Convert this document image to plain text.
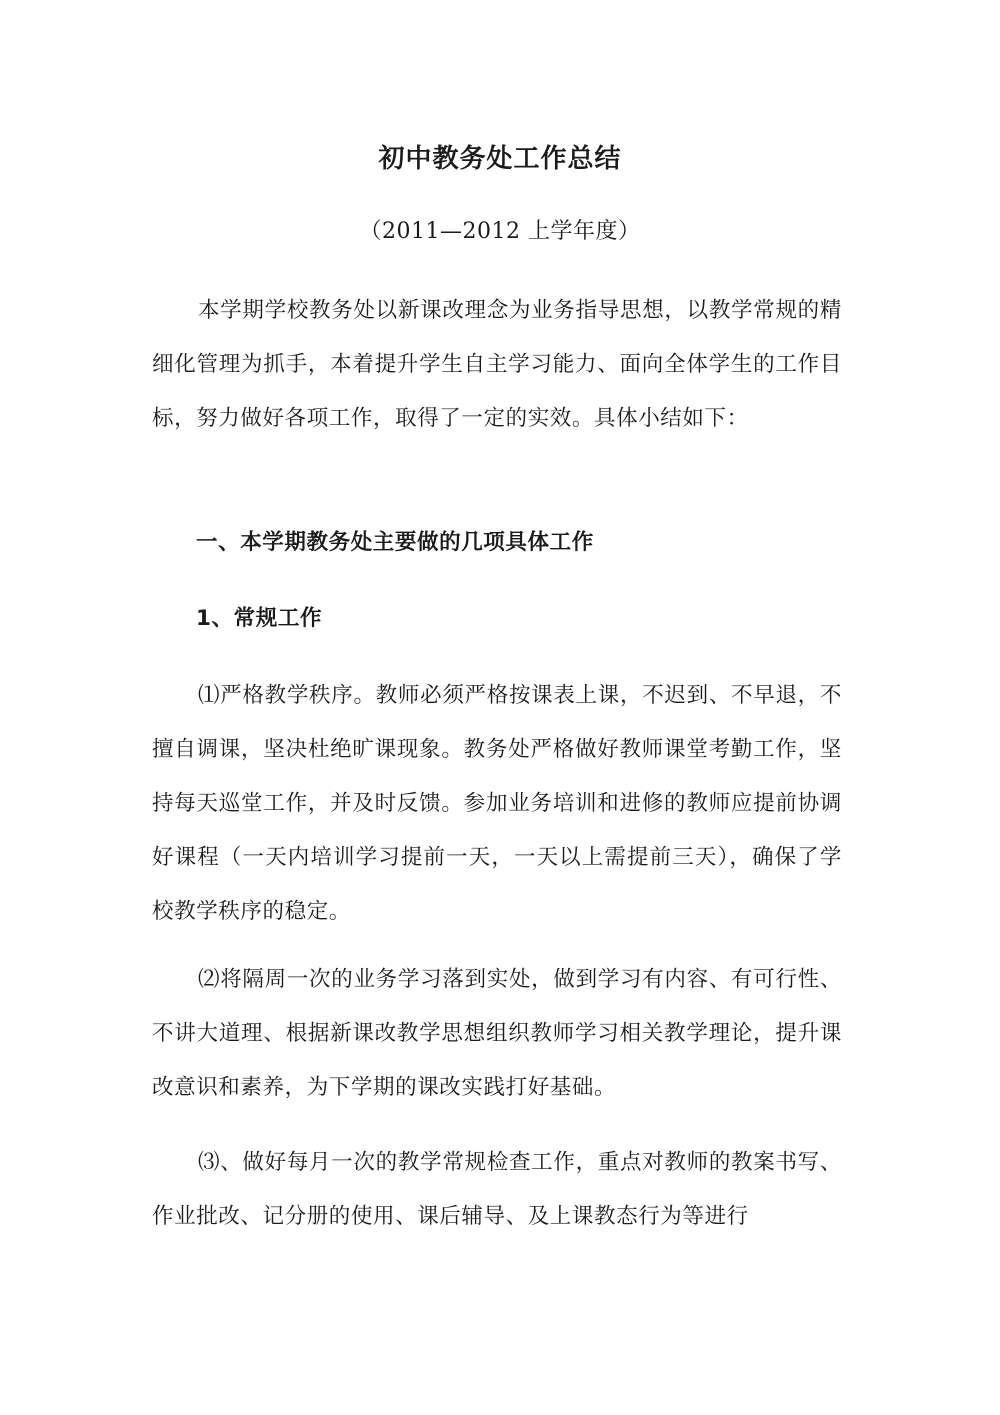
初中教务处工作总结
（2011—2012 上学年度）

本学期学校教务处以新课改理念为业务指导思想，以教学常规的精细化管理为抓手，本着提升学生自主学习能力、面向全体学生的工作目标，努力做好各项工作，取得了一定的实效。具体小结如下：

一、本学期教务处主要做的几项具体工作
1、常规工作

⑴严格教学秩序。教师必须严格按课表上课，不迟到、不早退，不擅自调课，坚决杜绝旷课现象。教务处严格做好教师课堂考勤工作，坚持每天巡堂工作，并及时反馈。参加业务培训和进修的教师应提前协调好课程（一天内培训学习提前一天，一天以上需提前三天），确保了学校教学秩序的稳定。

⑵将隔周一次的业务学习落到实处，做到学习有内容、有可行性、不讲大道理、根据新课改教学思想组织教师学习相关教学理论，提升课改意识和素养，为下学期的课改实践打好基础。

⑶、做好每月一次的教学常规检查工作，重点对教师的教案书写、作业批改、记分册的使用、课后辅导、及上课教态行为等进行
